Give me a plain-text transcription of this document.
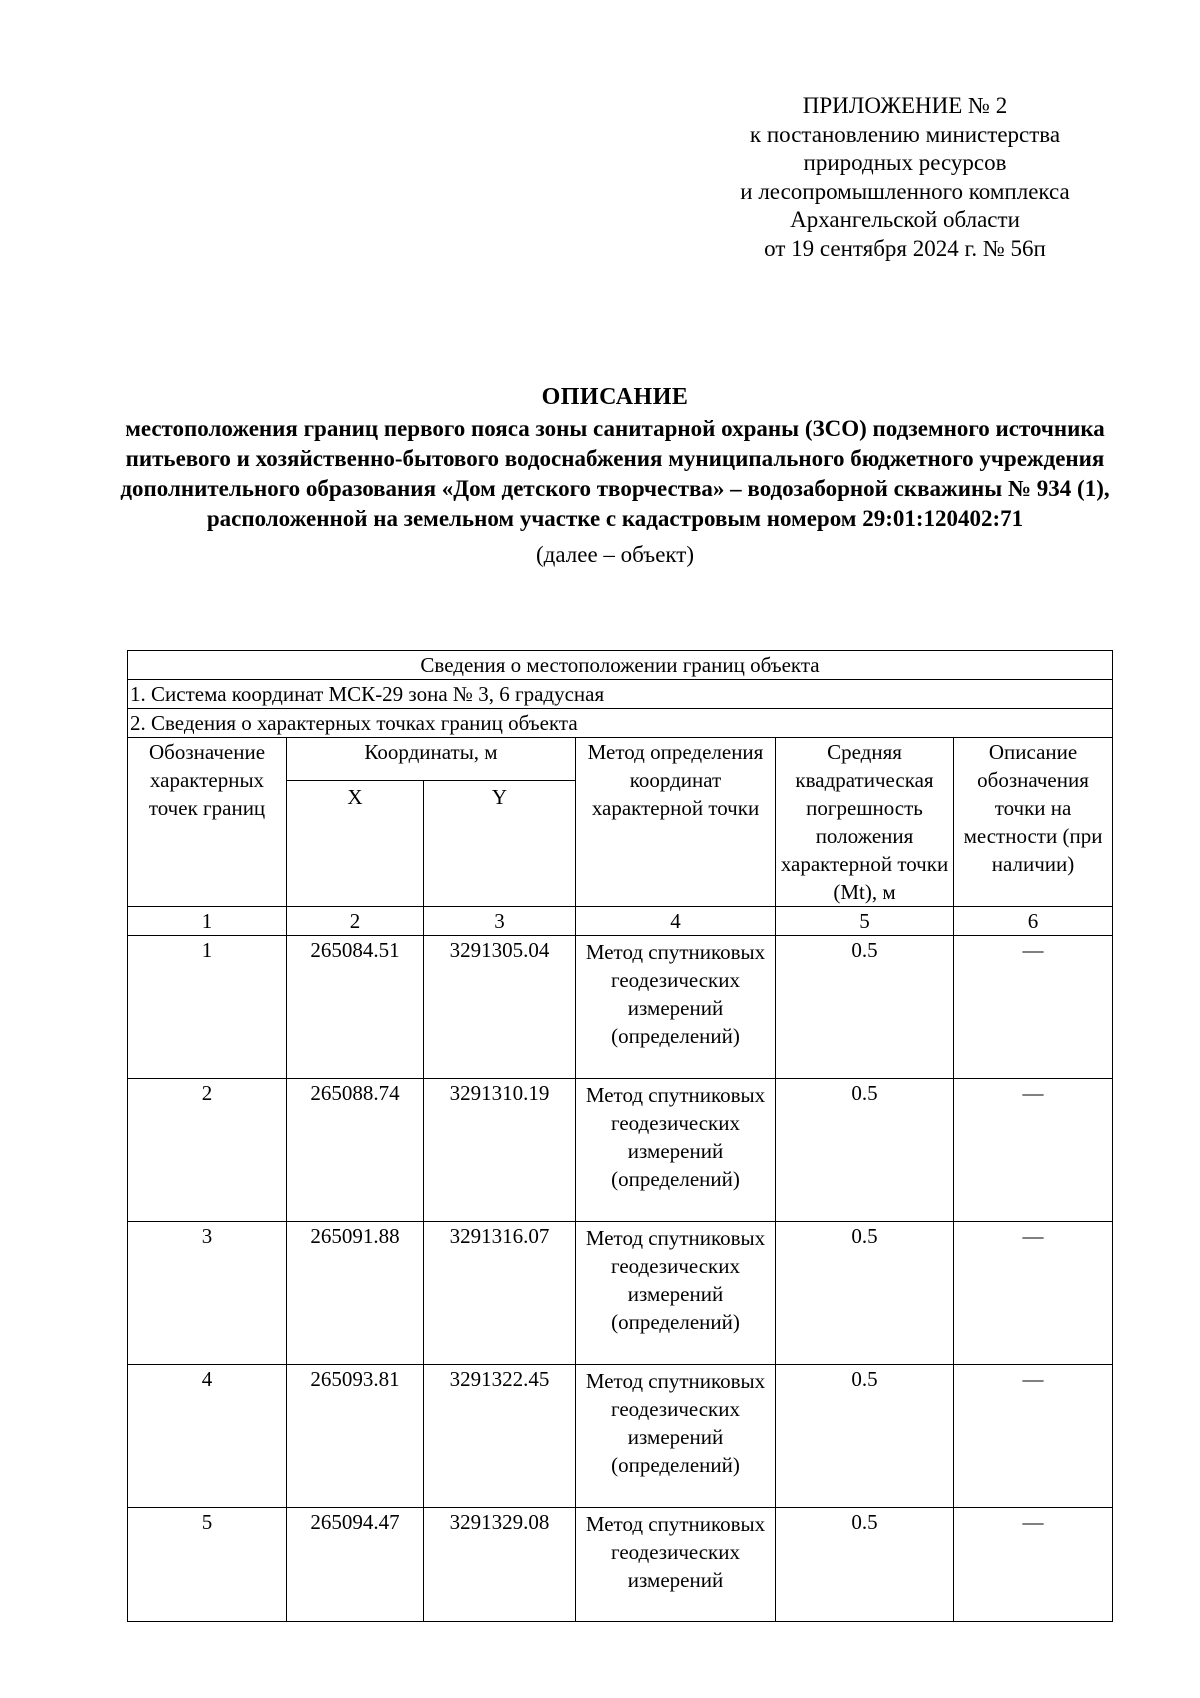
ПРИЛОЖЕНИЕ № 2
к постановлению министерства
природных ресурсов
и лесопромышленного комплекса
Архангельской области
от 19 сентября 2024 г. № 56п
ОПИСАНИЕ
местоположения границ первого пояса зоны санитарной охраны (ЗСО) подземного источника питьевого и хозяйственно-бытового водоснабжения муниципального бюджетного учреждения дополнительного образования «Дом детского творчества» – водозаборной скважины № 934 (1), расположенной на земельном участке с кадастровым номером 29:01:120402:71
(далее – объект)
Сведения о местоположении границ объекта					
1. Система координат МСК-29 зона № 3, 6 градусная					
2. Сведения о характерных точках границ объекта					
Обозначение характерных точек границ	Координаты, м		Метод определения координат характерной точки	Средняя квадратическая погрешность положения характерной точки (Mt), м	Описание обозначения точки на местности (при наличии)
	X	Y			
1	2	3	4	5	6
1	265084.51	3291305.04	Метод спутниковых геодезических измерений (определений)	0.5	—
2	265088.74	3291310.19	Метод спутниковых геодезических измерений (определений)	0.5	—
3	265091.88	3291316.07	Метод спутниковых геодезических измерений (определений)	0.5	—
4	265093.81	3291322.45	Метод спутниковых геодезических измерений (определений)	0.5	—
5	265094.47	3291329.08	Метод спутниковых геодезических измерений	0.5	—
